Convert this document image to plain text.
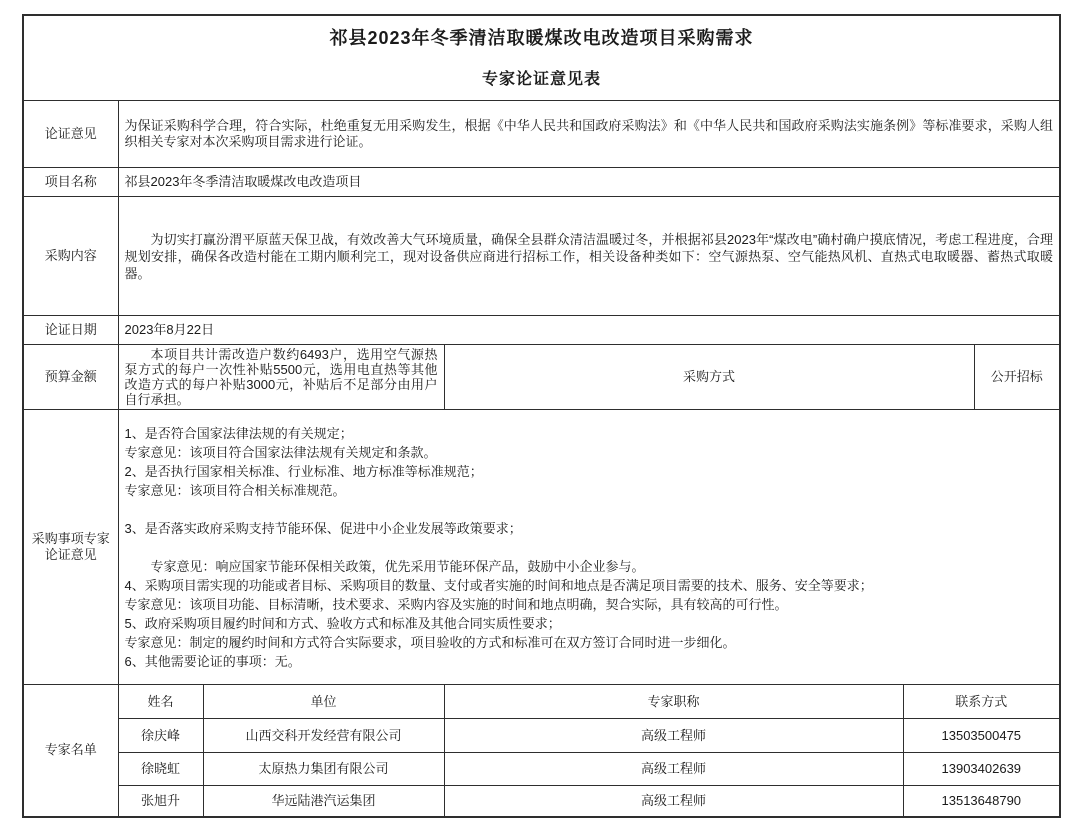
祁县2023年冬季清洁取暖煤改电改造项目采购需求
专家论证意见表					

论证意见	为保证采购科学合理，符合实际，杜绝重复无用采购发生，根据《中华人民共和国政府采购法》和《中华人民共和国政府采购法实施条例》等标准要求，采购人组织相关专家对本次采购项目需求进行论证。				

项目名称	祁县2023年冬季清洁取暖煤改电改造项目				
采购内容	为切实打赢汾渭平原蓝天保卫战，有效改善大气环境质量，确保全县群众清洁温暖过冬，并根据祁县2023年“煤改电”确村确户摸底情况，考虑工程进度，合理规划安排，确保各改造村能在工期内顺利完工，现对设备供应商进行招标工作，相关设备种类如下：空气源热泵、空气能热风机、直热式电取暖器、蓄热式取暖器。				

论证日期	2023年8月22日				
预算金额	本项目共计需改造户数约6493户，选用空气源热泵方式的每户一次性补贴5500元，选用电直热等其他改造方式的每户补贴3000元，补贴后不足部分由用户自行承担。		采购方式		公开招标
采购事项专家论证意见	
1、是否符合国家法律法规的有关规定；
专家意见：该项目符合国家法律法规有关规定和条款。
2、是否执行国家相关标准、行业标准、地方标准等标准规范；
专家意见：该项目符合相关标准规范。
3、是否落实政府采购支持节能环保、促进中小企业发展等政策要求；
　　专家意见：响应国家节能环保相关政策，优先采用节能环保产品，鼓励中小企业参与。
4、采购项目需实现的功能或者目标、采购项目的数量、支付或者实施的时间和地点是否满足项目需要的技术、服务、安全等要求；
专家意见：该项目功能、目标清晰，技术要求、采购内容及实施的时间和地点明确，契合实际，具有较高的可行性。
5、政府采购项目履约时间和方式、验收方式和标准及其他合同实质性要求；
专家意见：制定的履约时间和方式符合实际要求，项目验收的方式和标准可在双方签订合同时进一步细化。
6、其他需要论证的事项：无。

专家名单	姓名	单位	专家职称	联系方式	
	徐庆峰	山西交科开发经营有限公司	高级工程师	13503500475	
	徐晓虹	太原热力集团有限公司	高级工程师	13903402639	
	张旭升	华远陆港汽运集团	高级工程师	13513648790	
